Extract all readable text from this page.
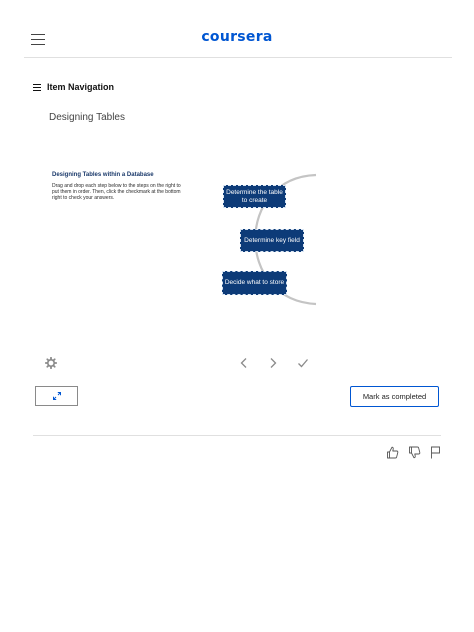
coursera
Item Navigation
Designing Tables
Designing Tables within a Database
Drag and drop each step below to the steps on the right to put them in order. Then, click the checkmark at the bottom right to check your answers.
Determine the table to create
Determine key field
Decide what to store
Mark as completed
